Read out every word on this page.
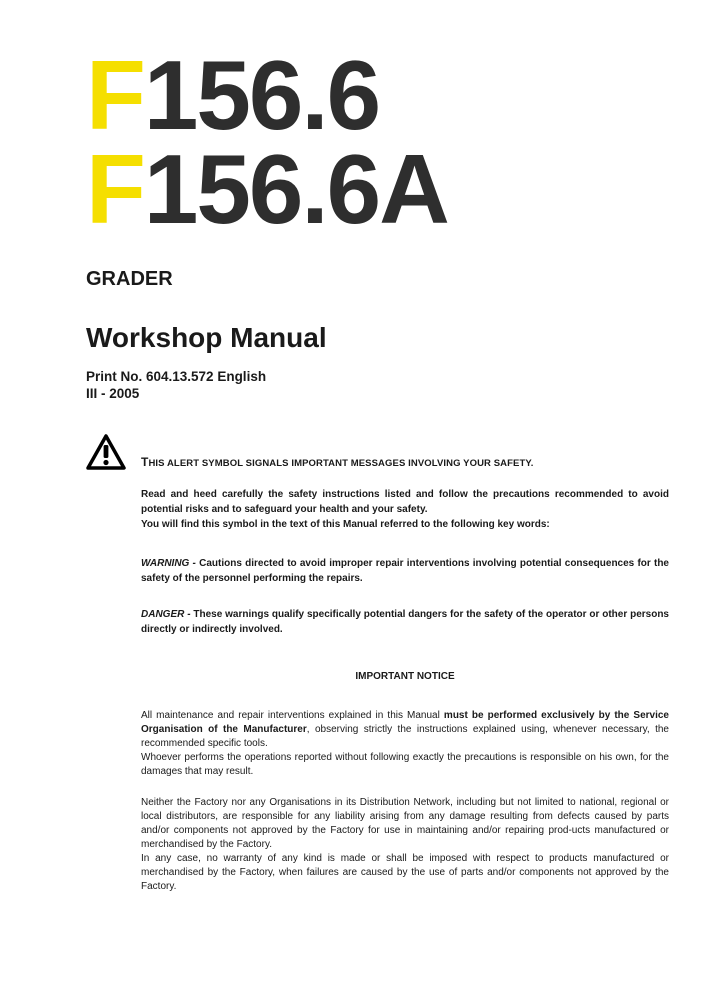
F156.6
F156.6A
GRADER
Workshop Manual
Print No. 604.13.572 English
III - 2005
THIS ALERT SYMBOL SIGNALS IMPORTANT MESSAGES INVOLVING YOUR SAFETY.

Read and heed carefully the safety instructions listed and follow the precautions recommended to avoid potential risks and to safeguard your health and your safety.

You will find this symbol in the text of this Manual referred to the following key words:

WARNING - Cautions directed to avoid improper repair interventions involving potential consequences for the safety of the personnel performing the repairs.
DANGER - These warnings qualify specifically potential dangers for the safety of the operator or other persons directly or indirectly involved.
IMPORTANT NOTICE

All maintenance and repair interventions explained in this Manual must be performed exclusively by the Service Organisation of the Manufacturer, observing strictly the instructions explained using, whenever necessary, the recommended specific tools.

Whoever performs the operations reported without following exactly the precautions is responsible on his own, for the damages that may result.

Neither the Factory nor any Organisations in its Distribution Network, including but not limited to national, regional or local distributors, are responsible for any liability arising from any damage resulting from defects caused by parts and/or components not approved by the Factory for use in maintaining and/or repairing prod-ucts manufactured or merchandised by the Factory.

In any case, no warranty of any kind is made or shall be imposed with respect to products manufactured or merchandised by the Factory, when failures are caused by the use of parts and/or components not approved by the Factory.
